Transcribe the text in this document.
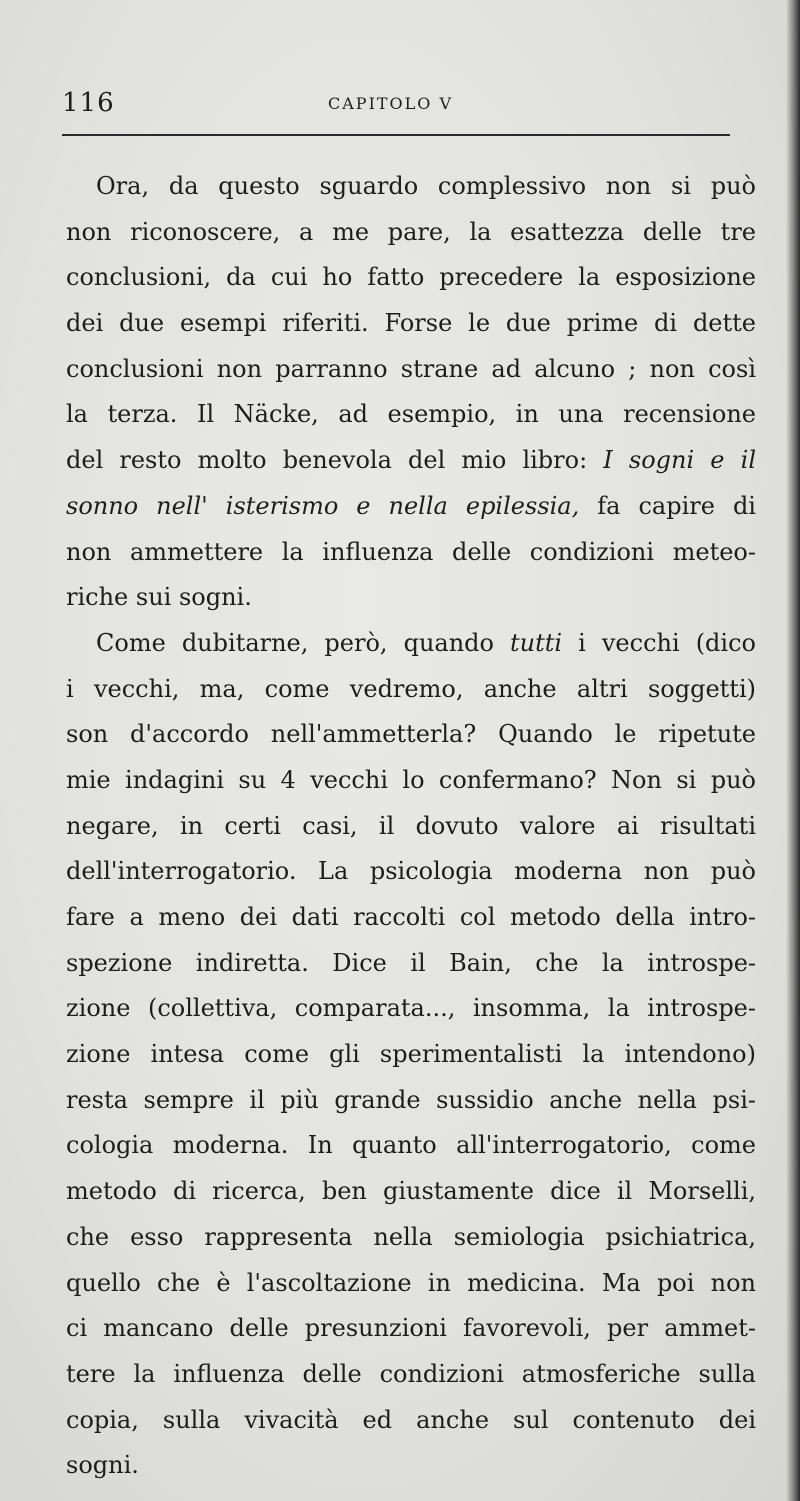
116	CAPITOLO V
Ora, da questo sguardo complessivo non si può
non riconoscere, a me pare, la esattezza delle tre
conclusioni, da cui ho fatto precedere la esposizione
dei due esempi riferiti. Forse le due prime di dette
conclusioni non parranno strane ad alcuno ; non così
la terza. Il Näcke, ad esempio, in una recensione
del resto molto benevola del mio libro: I sogni e il
sonno nell' isterismo e nella epilessia, fa capire di
non ammettere la influenza delle condizioni meteo-
riche sui sogni.
Come dubitarne, però, quando tutti i vecchi (dico
i vecchi, ma, come vedremo, anche altri soggetti)
son d'accordo nell'ammetterla? Quando le ripetute
mie indagini su 4 vecchi lo confermano? Non si può
negare, in certi casi, il dovuto valore ai risultati
dell'interrogatorio. La psicologia moderna non può
fare a meno dei dati raccolti col metodo della intro-
spezione indiretta. Dice il Bain, che la introspe-
zione (collettiva, comparata..., insomma, la introspe-
zione intesa come gli sperimentalisti la intendono)
resta sempre il più grande sussidio anche nella psi-
cologia moderna. In quanto all'interrogatorio, come
metodo di ricerca, ben giustamente dice il Morselli,
che esso rappresenta nella semiologia psichiatrica,
quello che è l'ascoltazione in medicina. Ma poi non
ci mancano delle presunzioni favorevoli, per ammet-
tere la influenza delle condizioni atmosferiche sulla
copia, sulla vivacità ed anche sul contenuto dei
sogni.
